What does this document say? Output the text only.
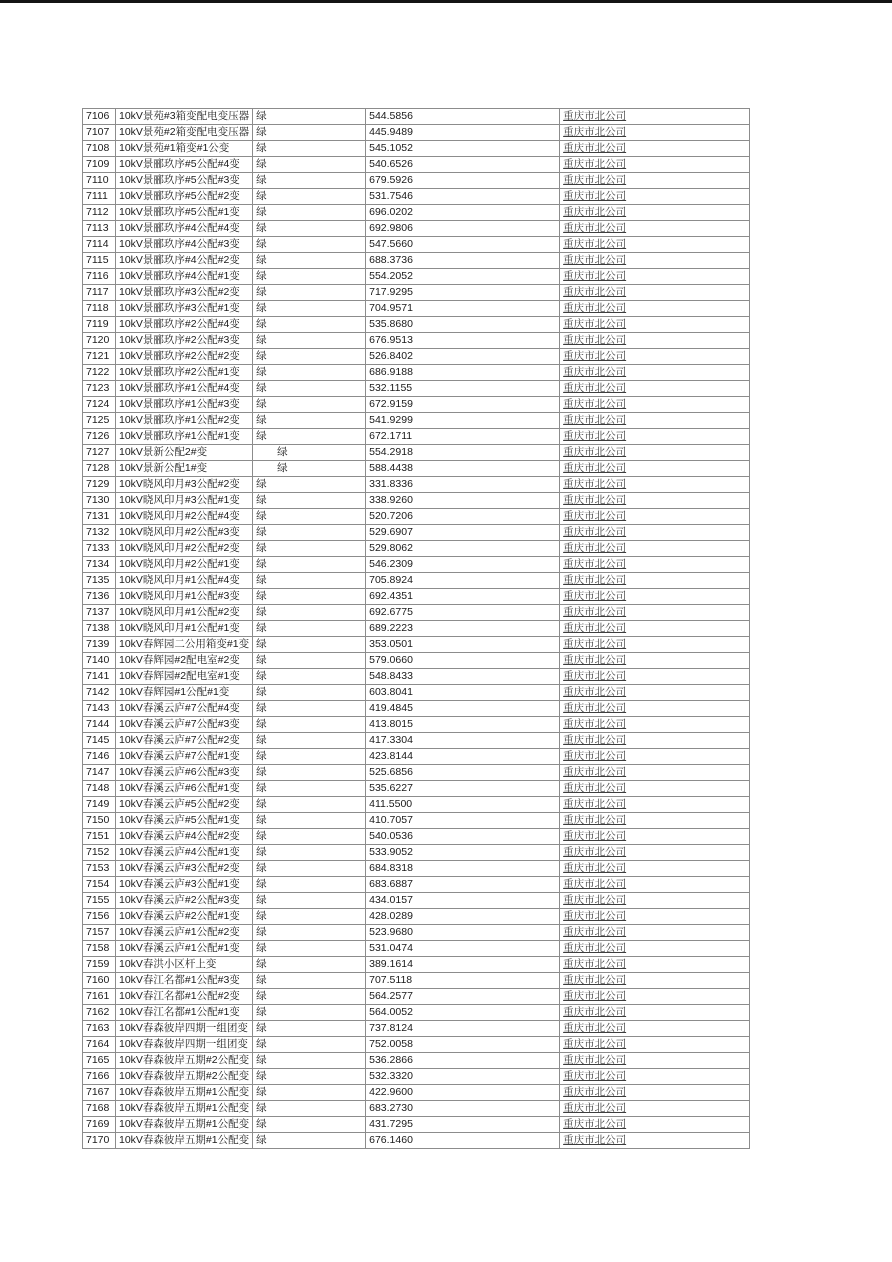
7106	10kV景苑#3箱变配电变压器	绿	544.5856	重庆市北公司
7107	10kV景苑#2箱变配电变压器	绿	445.9489	重庆市北公司
7108	10kV景苑#1箱变#1公变	绿	545.1052	重庆市北公司
7109	10kV景郦玖序#5公配#4变	绿	540.6526	重庆市北公司
7110	10kV景郦玖序#5公配#3变	绿	679.5926	重庆市北公司
7111	10kV景郦玖序#5公配#2变	绿	531.7546	重庆市北公司
7112	10kV景郦玖序#5公配#1变	绿	696.0202	重庆市北公司
7113	10kV景郦玖序#4公配#4变	绿	692.9806	重庆市北公司
7114	10kV景郦玖序#4公配#3变	绿	547.5660	重庆市北公司
7115	10kV景郦玖序#4公配#2变	绿	688.3736	重庆市北公司
7116	10kV景郦玖序#4公配#1变	绿	554.2052	重庆市北公司
7117	10kV景郦玖序#3公配#2变	绿	717.9295	重庆市北公司
7118	10kV景郦玖序#3公配#1变	绿	704.9571	重庆市北公司
7119	10kV景郦玖序#2公配#4变	绿	535.8680	重庆市北公司
7120	10kV景郦玖序#2公配#3变	绿	676.9513	重庆市北公司
7121	10kV景郦玖序#2公配#2变	绿	526.8402	重庆市北公司
7122	10kV景郦玖序#2公配#1变	绿	686.9188	重庆市北公司
7123	10kV景郦玖序#1公配#4变	绿	532.1155	重庆市北公司
7124	10kV景郦玖序#1公配#3变	绿	672.9159	重庆市北公司
7125	10kV景郦玖序#1公配#2变	绿	541.9299	重庆市北公司
7126	10kV景郦玖序#1公配#1变	绿	672.1711	重庆市北公司
7127	10kV景新公配2#变	　　绿	554.2918	重庆市北公司
7128	10kV景新公配1#变	　　绿	588.4438	重庆市北公司
7129	10kV晓风印月#3公配#2变	绿	331.8336	重庆市北公司
7130	10kV晓风印月#3公配#1变	绿	338.9260	重庆市北公司
7131	10kV晓风印月#2公配#4变	绿	520.7206	重庆市北公司
7132	10kV晓风印月#2公配#3变	绿	529.6907	重庆市北公司
7133	10kV晓风印月#2公配#2变	绿	529.8062	重庆市北公司
7134	10kV晓风印月#2公配#1变	绿	546.2309	重庆市北公司
7135	10kV晓风印月#1公配#4变	绿	705.8924	重庆市北公司
7136	10kV晓风印月#1公配#3变	绿	692.4351	重庆市北公司
7137	10kV晓风印月#1公配#2变	绿	692.6775	重庆市北公司
7138	10kV晓风印月#1公配#1变	绿	689.2223	重庆市北公司
7139	10kV春辉园二公用箱变#1变	绿	353.0501	重庆市北公司
7140	10kV春辉园#2配电室#2变	绿	579.0660	重庆市北公司
7141	10kV春辉园#2配电室#1变	绿	548.8433	重庆市北公司
7142	10kV春辉园#1公配#1变	绿	603.8041	重庆市北公司
7143	10kV春溪云庐#7公配#4变	绿	419.4845	重庆市北公司
7144	10kV春溪云庐#7公配#3变	绿	413.8015	重庆市北公司
7145	10kV春溪云庐#7公配#2变	绿	417.3304	重庆市北公司
7146	10kV春溪云庐#7公配#1变	绿	423.8144	重庆市北公司
7147	10kV春溪云庐#6公配#3变	绿	525.6856	重庆市北公司
7148	10kV春溪云庐#6公配#1变	绿	535.6227	重庆市北公司
7149	10kV春溪云庐#5公配#2变	绿	411.5500	重庆市北公司
7150	10kV春溪云庐#5公配#1变	绿	410.7057	重庆市北公司
7151	10kV春溪云庐#4公配#2变	绿	540.0536	重庆市北公司
7152	10kV春溪云庐#4公配#1变	绿	533.9052	重庆市北公司
7153	10kV春溪云庐#3公配#2变	绿	684.8318	重庆市北公司
7154	10kV春溪云庐#3公配#1变	绿	683.6887	重庆市北公司
7155	10kV春溪云庐#2公配#3变	绿	434.0157	重庆市北公司
7156	10kV春溪云庐#2公配#1变	绿	428.0289	重庆市北公司
7157	10kV春溪云庐#1公配#2变	绿	523.9680	重庆市北公司
7158	10kV春溪云庐#1公配#1变	绿	531.0474	重庆市北公司
7159	10kV春洪小区杆上变	绿	389.1614	重庆市北公司
7160	10kV春江名都#1公配#3变	绿	707.5118	重庆市北公司
7161	10kV春江名都#1公配#2变	绿	564.2577	重庆市北公司
7162	10kV春江名都#1公配#1变	绿	564.0052	重庆市北公司
7163	10kV春森彼岸四期一组团变	绿	737.8124	重庆市北公司
7164	10kV春森彼岸四期一组团变	绿	752.0058	重庆市北公司
7165	10kV春森彼岸五期#2公配变	绿	536.2866	重庆市北公司
7166	10kV春森彼岸五期#2公配变	绿	532.3320	重庆市北公司
7167	10kV春森彼岸五期#1公配变	绿	422.9600	重庆市北公司
7168	10kV春森彼岸五期#1公配变	绿	683.2730	重庆市北公司
7169	10kV春森彼岸五期#1公配变	绿	431.7295	重庆市北公司
7170	10kV春森彼岸五期#1公配变	绿	676.1460	重庆市北公司
